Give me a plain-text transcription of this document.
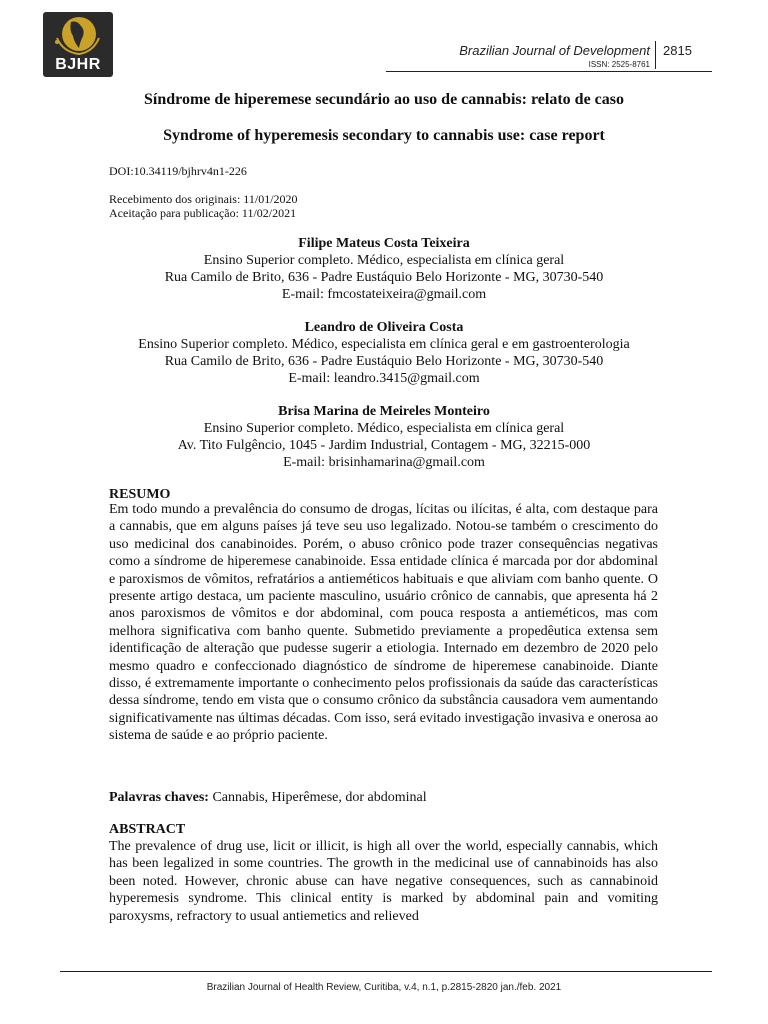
BJHR
Brazilian Journal of Development 2815
ISSN: 2525-8761
Síndrome de hiperemese secundário ao uso de cannabis: relato de caso
Syndrome of hyperemesis secondary to cannabis use: case report
DOI:10.34119/bjhrv4n1-226
Recebimento dos originais: 11/01/2020
Aceitação para publicação: 11/02/2021
Filipe Mateus Costa Teixeira
Ensino Superior completo. Médico, especialista em clínica geral
Rua Camilo de Brito, 636 - Padre Eustáquio Belo Horizonte - MG, 30730-540
E-mail: fmcostateixeira@gmail.com
Leandro de Oliveira Costa
Ensino Superior completo. Médico, especialista em clínica geral e em gastroenterologia
Rua Camilo de Brito, 636 - Padre Eustáquio Belo Horizonte - MG, 30730-540
E-mail: leandro.3415@gmail.com
Brisa Marina de Meireles Monteiro
Ensino Superior completo. Médico, especialista em clínica geral
Av. Tito Fulgêncio, 1045 - Jardim Industrial, Contagem - MG, 32215-000
E-mail: brisinhamarina@gmail.com
RESUMO
Em todo mundo a prevalência do consumo de drogas, lícitas ou ilícitas, é alta, com destaque para a cannabis, que em alguns países já teve seu uso legalizado. Notou-se também o crescimento do uso medicinal dos canabinoides. Porém, o abuso crônico pode trazer consequências negativas como a síndrome de hiperemese canabinoide. Essa entidade clínica é marcada por dor abdominal e paroxismos de vômitos, refratários a antieméticos habituais e que aliviam com banho quente. O presente artigo destaca, um paciente masculino, usuário crônico de cannabis, que apresenta há 2 anos paroxismos de vômitos e dor abdominal, com pouca resposta a antieméticos, mas com melhora significativa com banho quente. Submetido previamente a propedêutica extensa sem identificação de alteração que pudesse sugerir a etiologia. Internado em dezembro de 2020 pelo mesmo quadro e confeccionado diagnóstico de síndrome de hiperemese canabinoide. Diante disso, é extremamente importante o conhecimento pelos profissionais da saúde das características dessa síndrome, tendo em vista que o consumo crônico da substância causadora vem aumentando significativamente nas últimas décadas. Com isso, será evitado investigação invasiva e onerosa ao sistema de saúde e ao próprio paciente.
Palavras chaves: Cannabis, Hiperêmese, dor abdominal
ABSTRACT
The prevalence of drug use, licit or illicit, is high all over the world, especially cannabis, which has been legalized in some countries. The growth in the medicinal use of cannabinoids has also been noted. However, chronic abuse can have negative consequences, such as cannabinoid hyperemesis syndrome. This clinical entity is marked by abdominal pain and vomiting paroxysms, refractory to usual antiemetics and relieved
Brazilian Journal of Health Review, Curitiba, v.4, n.1, p.2815-2820 jan./feb. 2021
